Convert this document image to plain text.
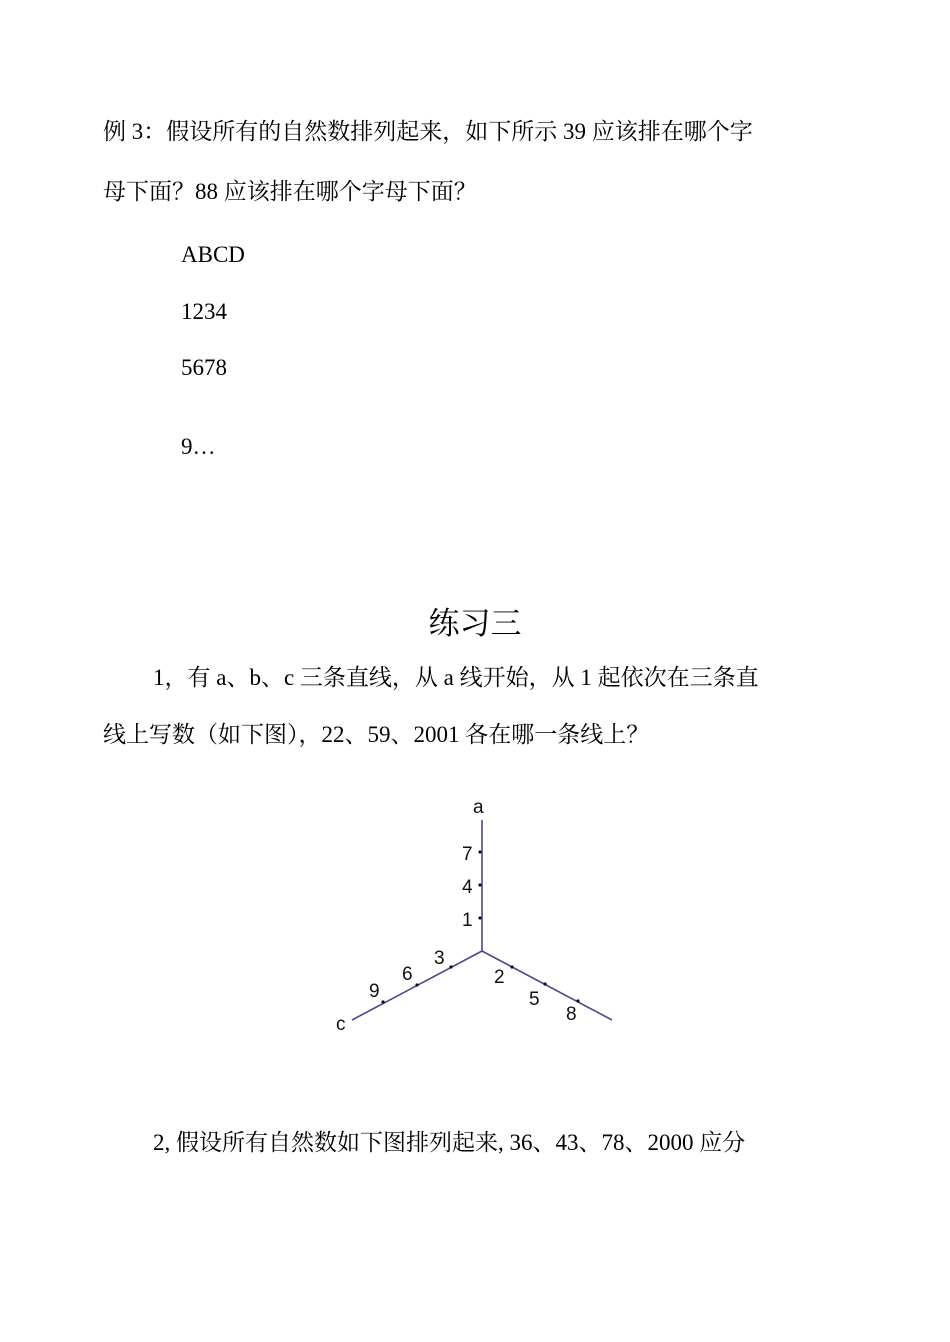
例 3：假设所有的自然数排列起来，如下所示 39 应该排在哪个字
母下面？88 应该排在哪个字母下面？
ABCD
1234
5678
9…
练习三
1，有 a、b、c 三条直线，从 a 线开始，从 1 起依次在三条直
线上写数（如下图），22、59、2001 各在哪一条线上？
a
c
7
4
1
3
6
9
2
5
8
2, 假设所有自然数如下图排列起来, 36、43、78、2000 应分
